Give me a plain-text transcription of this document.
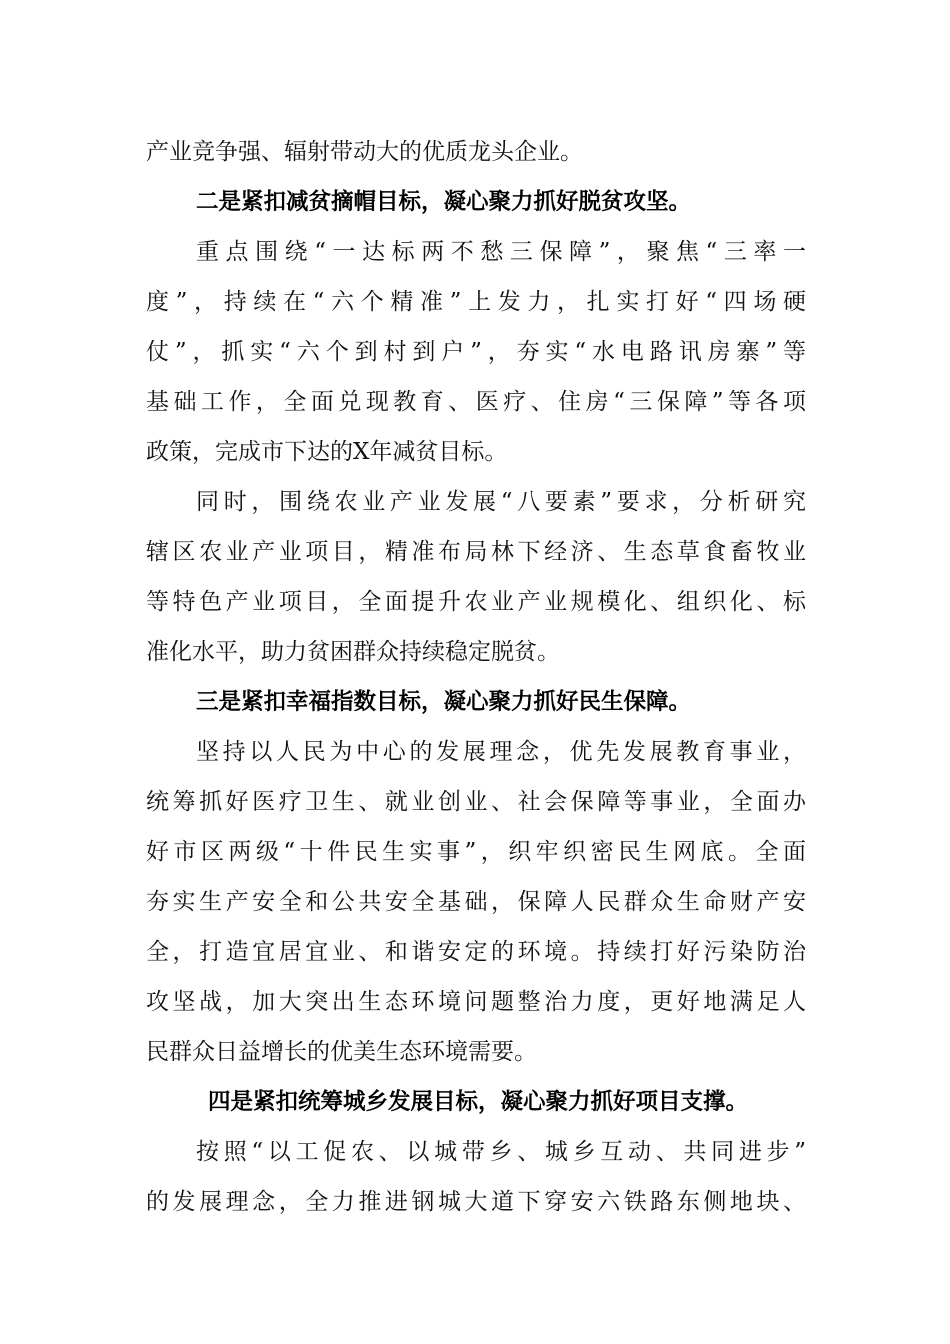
产业竞争强、辐射带动大的优质龙头企业。
二是紧扣减贫摘帽目标，凝心聚力抓好脱贫攻坚。
重点围绕“一达标两不愁三保障”，聚焦“三率一
度”，持续在“六个精准”上发力，扎实打好“四场硬
仗”，抓实“六个到村到户”，夯实“水电路讯房寨”等
基础工作，全面兑现教育、医疗、住房“三保障”等各项
政策，完成市下达的X年减贫目标。
同时，围绕农业产业发展“八要素”要求，分析研究
辖区农业产业项目，精准布局林下经济、生态草食畜牧业
等特色产业项目，全面提升农业产业规模化、组织化、标
准化水平，助力贫困群众持续稳定脱贫。
三是紧扣幸福指数目标，凝心聚力抓好民生保障。
坚持以人民为中心的发展理念，优先发展教育事业，
统筹抓好医疗卫生、就业创业、社会保障等事业，全面办
好市区两级“十件民生实事”，织牢织密民生网底。全面
夯实生产安全和公共安全基础，保障人民群众生命财产安
全，打造宜居宜业、和谐安定的环境。持续打好污染防治
攻坚战，加大突出生态环境问题整治力度，更好地满足人
民群众日益增长的优美生态环境需要。
四是紧扣统筹城乡发展目标，凝心聚力抓好项目支撑。
按照“以工促农、以城带乡、城乡互动、共同进步”
的发展理念，全力推进钢城大道下穿安六铁路东侧地块、
